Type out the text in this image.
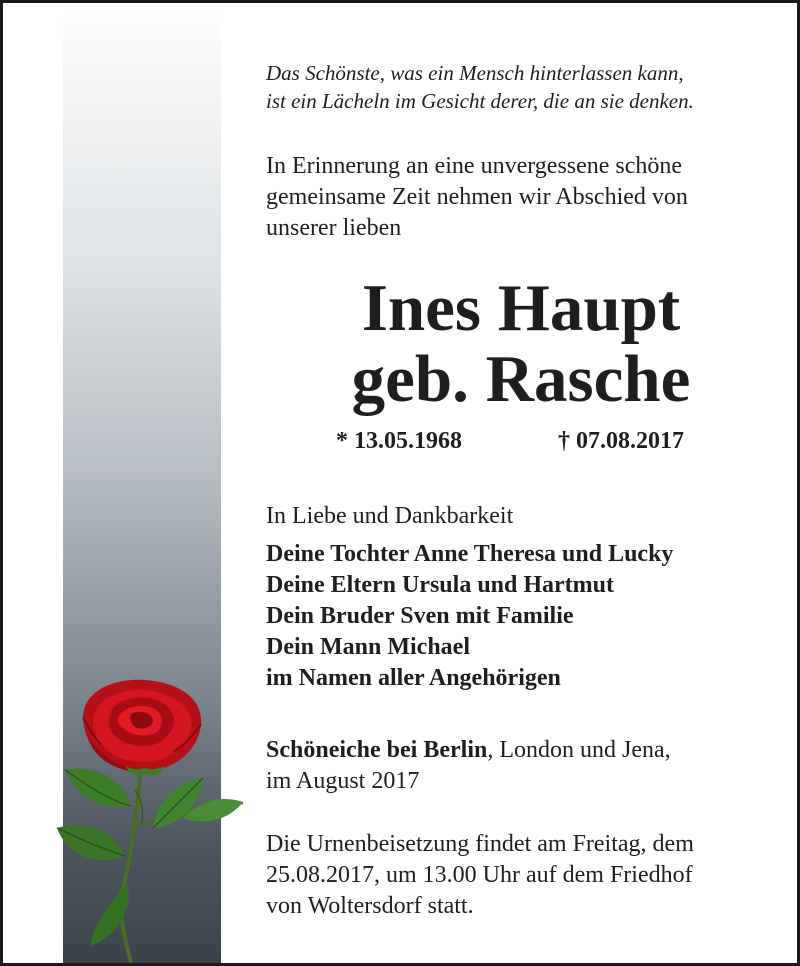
Das Schönste, was ein Mensch hinterlassen kann,
ist ein Lächeln im Gesicht derer, die an sie denken.
In Erinnerung an eine unvergessene schöne
gemeinsame Zeit nehmen wir Abschied von
unserer lieben
Ines Haupt
geb. Rasche
* 13.05.1968	† 07.08.2017
In Liebe und Dankbarkeit
Deine Tochter Anne Theresa und Lucky
Deine Eltern Ursula und Hartmut
Dein Bruder Sven mit Familie
Dein Mann Michael
im Namen aller Angehörigen
Schöneiche bei Berlin, London und Jena,
im August 2017
Die Urnenbeisetzung findet am Freitag, dem
25.08.2017, um 13.00 Uhr auf dem Friedhof
von Woltersdorf statt.
